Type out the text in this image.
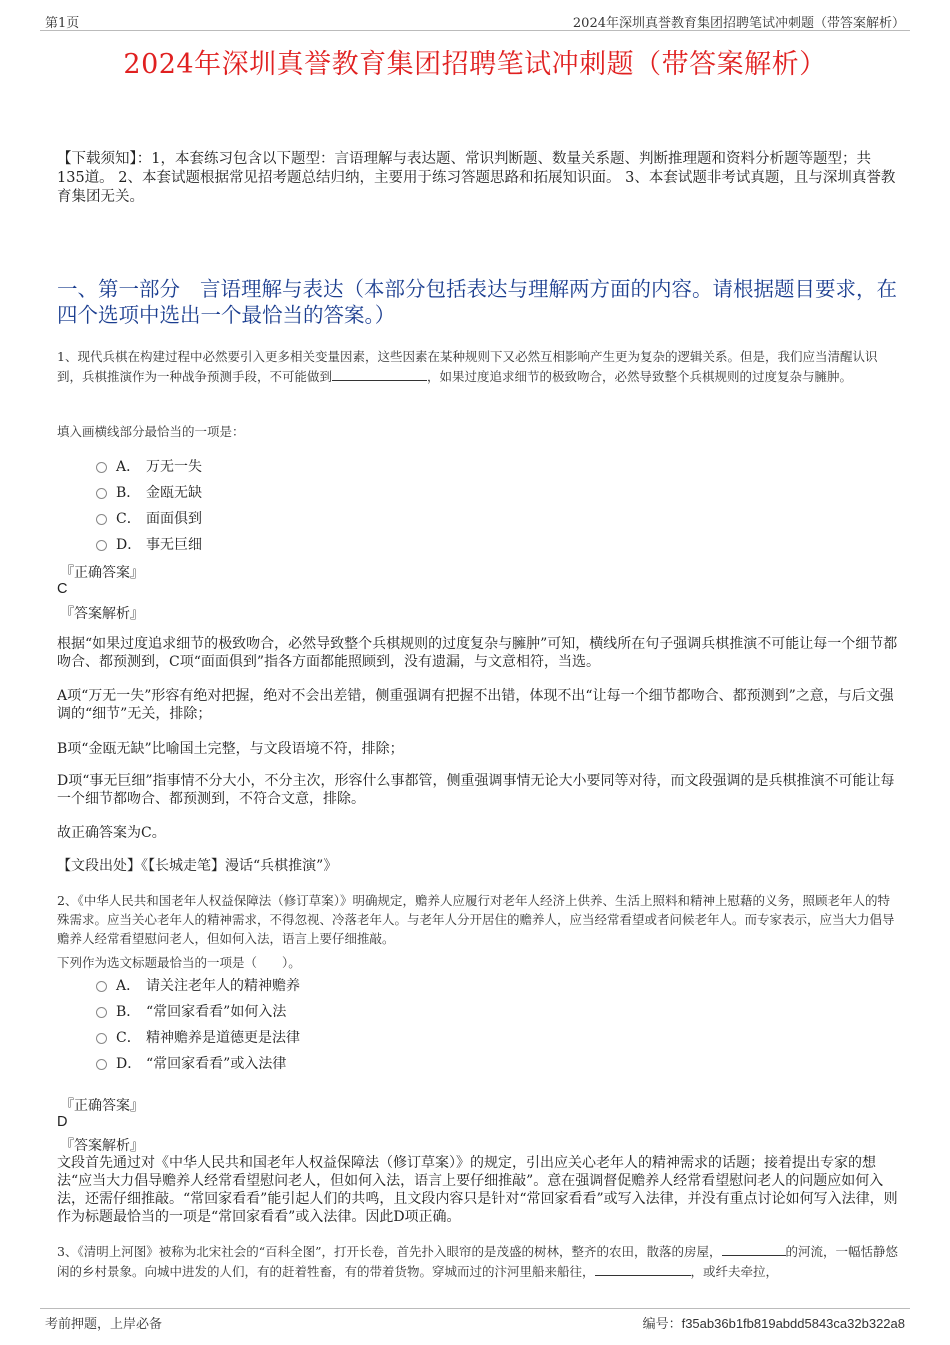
第1页	2024年深圳真誉教育集团招聘笔试冲刺题（带答案解析）
2024年深圳真誉教育集团招聘笔试冲刺题（带答案解析）
【下载须知】：1，本套练习包含以下题型：言语理解与表达题、常识判断题、数量关系题、判断推理题和资料分析题等题型；共135道。 2、本套试题根据常见招考题总结归纳，主要用于练习答题思路和拓展知识面。 3、本套试题非考试真题，且与深圳真誉教育集团无关。
一、第一部分 言语理解与表达（本部分包括表达与理解两方面的内容。请根据题目要求，在四个选项中选出一个最恰当的答案。）
1、现代兵棋在构建过程中必然要引入更多相关变量因素，这些因素在某种规则下又必然互相影响产生更为复杂的逻辑关系。但是，我们应当清醒认识到，兵棋推演作为一种战争预测手段，不可能做到	，如果过度追求细节的极致吻合，必然导致整个兵棋规则的过度复杂与臃肿。
填入画横线部分最恰当的一项是：
A． 万无一失
B． 金瓯无缺
C． 面面俱到
D． 事无巨细
『正确答案』
C
『答案解析』
根据“如果过度追求细节的极致吻合，必然导致整个兵棋规则的过度复杂与臃肿”可知，横线所在句子强调兵棋推演不可能让每一个细节都吻合、都预测到，C项“面面俱到”指各方面都能照顾到，没有遗漏，与文意相符，当选。
A项“万无一失”形容有绝对把握，绝对不会出差错，侧重强调有把握不出错，体现不出“让每一个细节都吻合、都预测到”之意，与后文强调的“细节”无关，排除；
B项“金瓯无缺”比喻国土完整，与文段语境不符，排除；
D项“事无巨细”指事情不分大小，不分主次，形容什么事都管，侧重强调事情无论大小要同等对待，而文段强调的是兵棋推演不可能让每一个细节都吻合、都预测到，不符合文意，排除。
故正确答案为C。
【文段出处】《【长城走笔】漫话“兵棋推演”》
2、《中华人民共和国老年人权益保障法（修订草案）》明确规定，赡养人应履行对老年人经济上供养、生活上照料和精神上慰藉的义务，照顾老年人的特殊需求。应当关心老年人的精神需求，不得忽视、冷落老年人。与老年人分开居住的赡养人，应当经常看望或者问候老年人。而专家表示，应当大力倡导赡养人经常看望慰问老人，但如何入法，语言上要仔细推敲。
下列作为选文标题最恰当的一项是（　　）。
A． 请关注老年人的精神赡养
B． “常回家看看”如何入法
C． 精神赡养是道德更是法律
D． “常回家看看”或入法律
『正确答案』
D
『答案解析』
文段首先通过对《中华人民共和国老年人权益保障法（修订草案）》的规定，引出应关心老年人的精神需求的话题；接着提出专家的想法“应当大力倡导赡养人经常看望慰问老人，但如何入法，语言上要仔细推敲”。意在强调督促赡养人经常看望慰问老人的问题应如何入法，还需仔细推敲。“常回家看看”能引起人们的共鸣，且文段内容只是针对“常回家看看”或写入法律，并没有重点讨论如何写入法律，则作为标题最恰当的一项是“常回家看看”或入法律。因此D项正确。
3、《清明上河图》被称为北宋社会的“百科全图”，打开长卷，首先扑入眼帘的是茂盛的树林，整齐的农田，散落的房屋，	的河流，一幅恬静悠闲的乡村景象。向城中进发的人们，有的赶着牲畜，有的带着货物。穿城而过的汴河里船来船往，	，或纤夫牵拉，
考前押题，上岸必备	编号：f35ab36b1fb819abdd5843ca32b322a8
